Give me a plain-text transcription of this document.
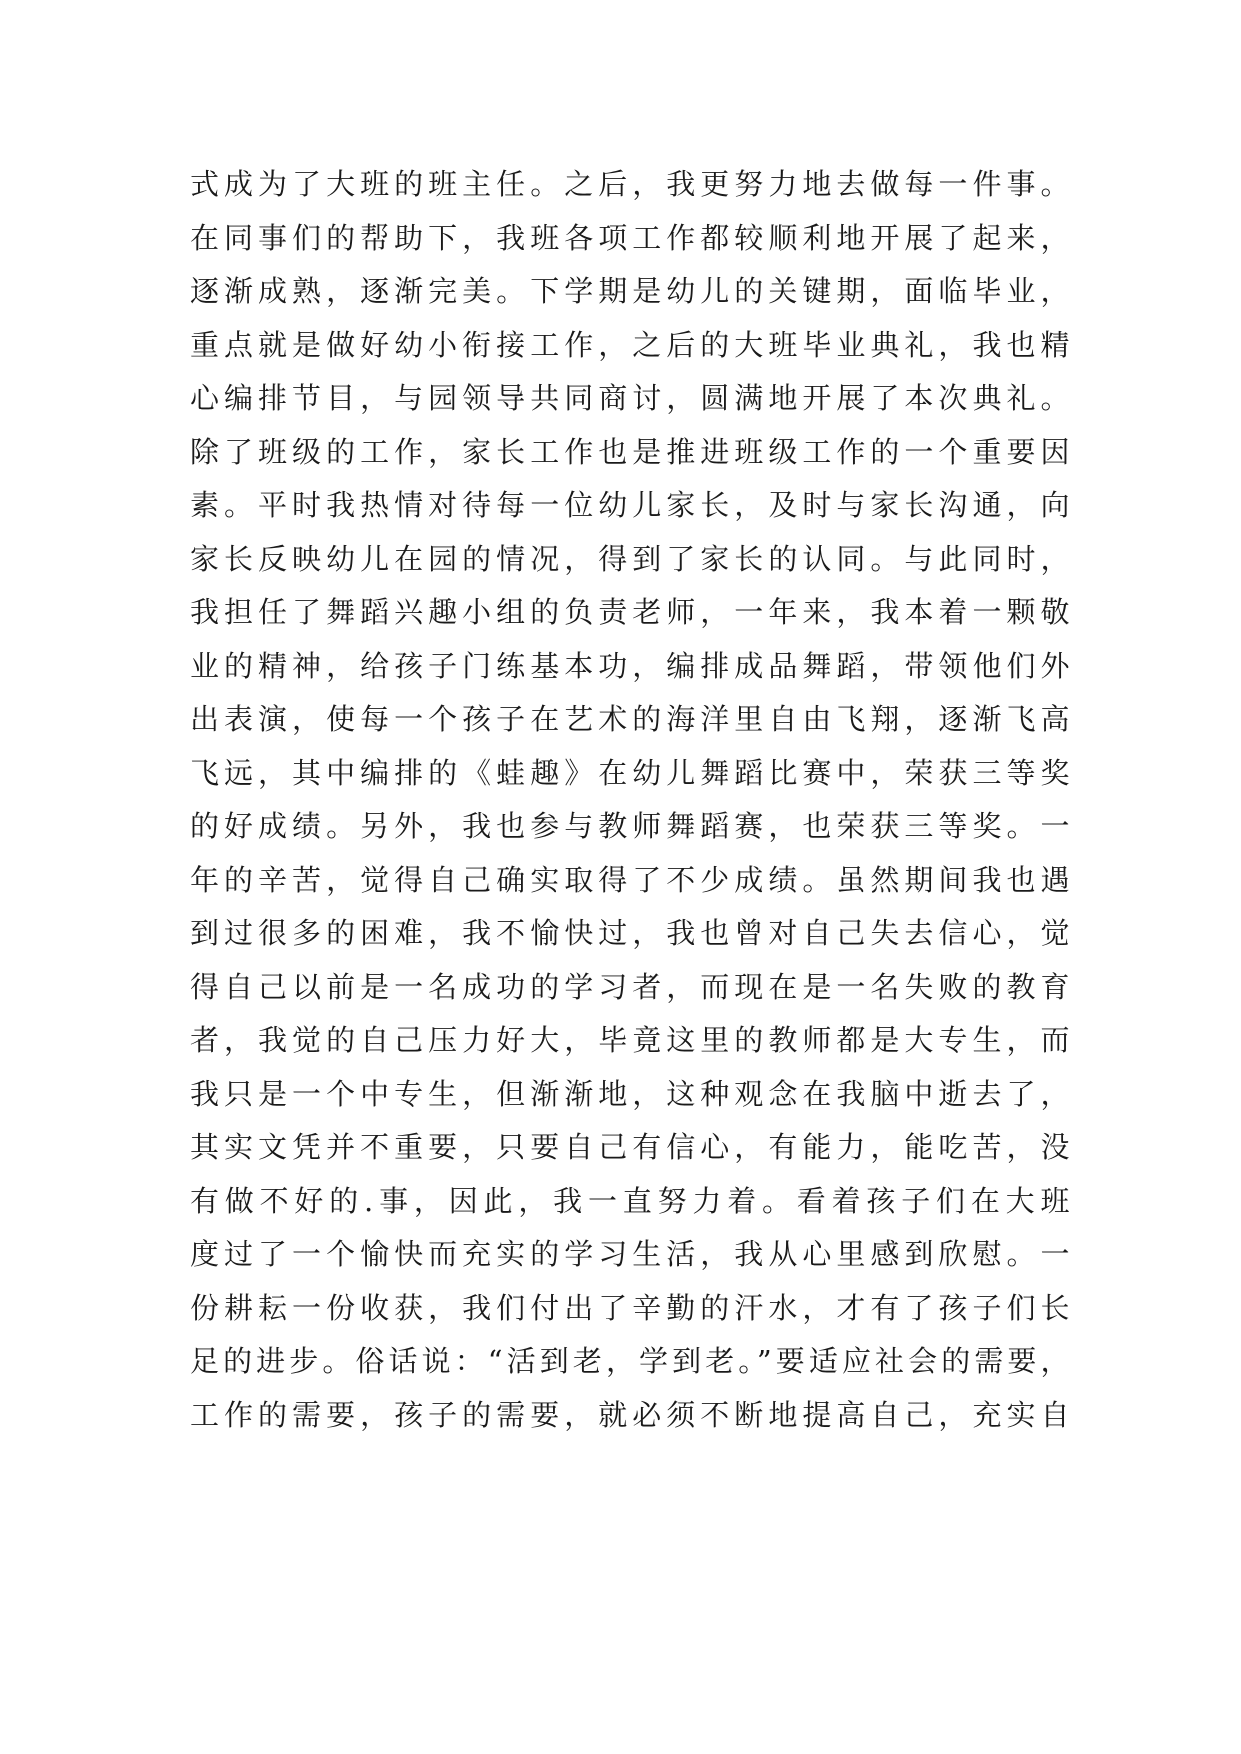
式成为了大班的班主任。之后，我更努力地去做每一件事。
在同事们的帮助下，我班各项工作都较顺利地开展了起来，
逐渐成熟，逐渐完美。下学期是幼儿的关键期，面临毕业，
重点就是做好幼小衔接工作，之后的大班毕业典礼，我也精
心编排节目，与园领导共同商讨，圆满地开展了本次典礼。
除了班级的工作，家长工作也是推进班级工作的一个重要因
素。平时我热情对待每一位幼儿家长，及时与家长沟通，向
家长反映幼儿在园的情况，得到了家长的认同。与此同时，
我担任了舞蹈兴趣小组的负责老师，一年来，我本着一颗敬
业的精神，给孩子门练基本功，编排成品舞蹈，带领他们外
出表演，使每一个孩子在艺术的海洋里自由飞翔，逐渐飞高
飞远，其中编排的《蛙趣》在幼儿舞蹈比赛中，荣获三等奖
的好成绩。另外，我也参与教师舞蹈赛，也荣获三等奖。一
年的辛苦，觉得自己确实取得了不少成绩。虽然期间我也遇
到过很多的困难，我不愉快过，我也曾对自己失去信心，觉
得自己以前是一名成功的学习者，而现在是一名失败的教育
者，我觉的自己压力好大，毕竟这里的教师都是大专生，而
我只是一个中专生，但渐渐地，这种观念在我脑中逝去了，
其实文凭并不重要，只要自己有信心，有能力，能吃苦，没
有做不好的.事，因此，我一直努力着。看着孩子们在大班
度过了一个愉快而充实的学习生活，我从心里感到欣慰。一
份耕耘一份收获，我们付出了辛勤的汗水，才有了孩子们长
足的进步。俗话说：“活到老，学到老。”要适应社会的需要，
工作的需要，孩子的需要，就必须不断地提高自己，充实自
